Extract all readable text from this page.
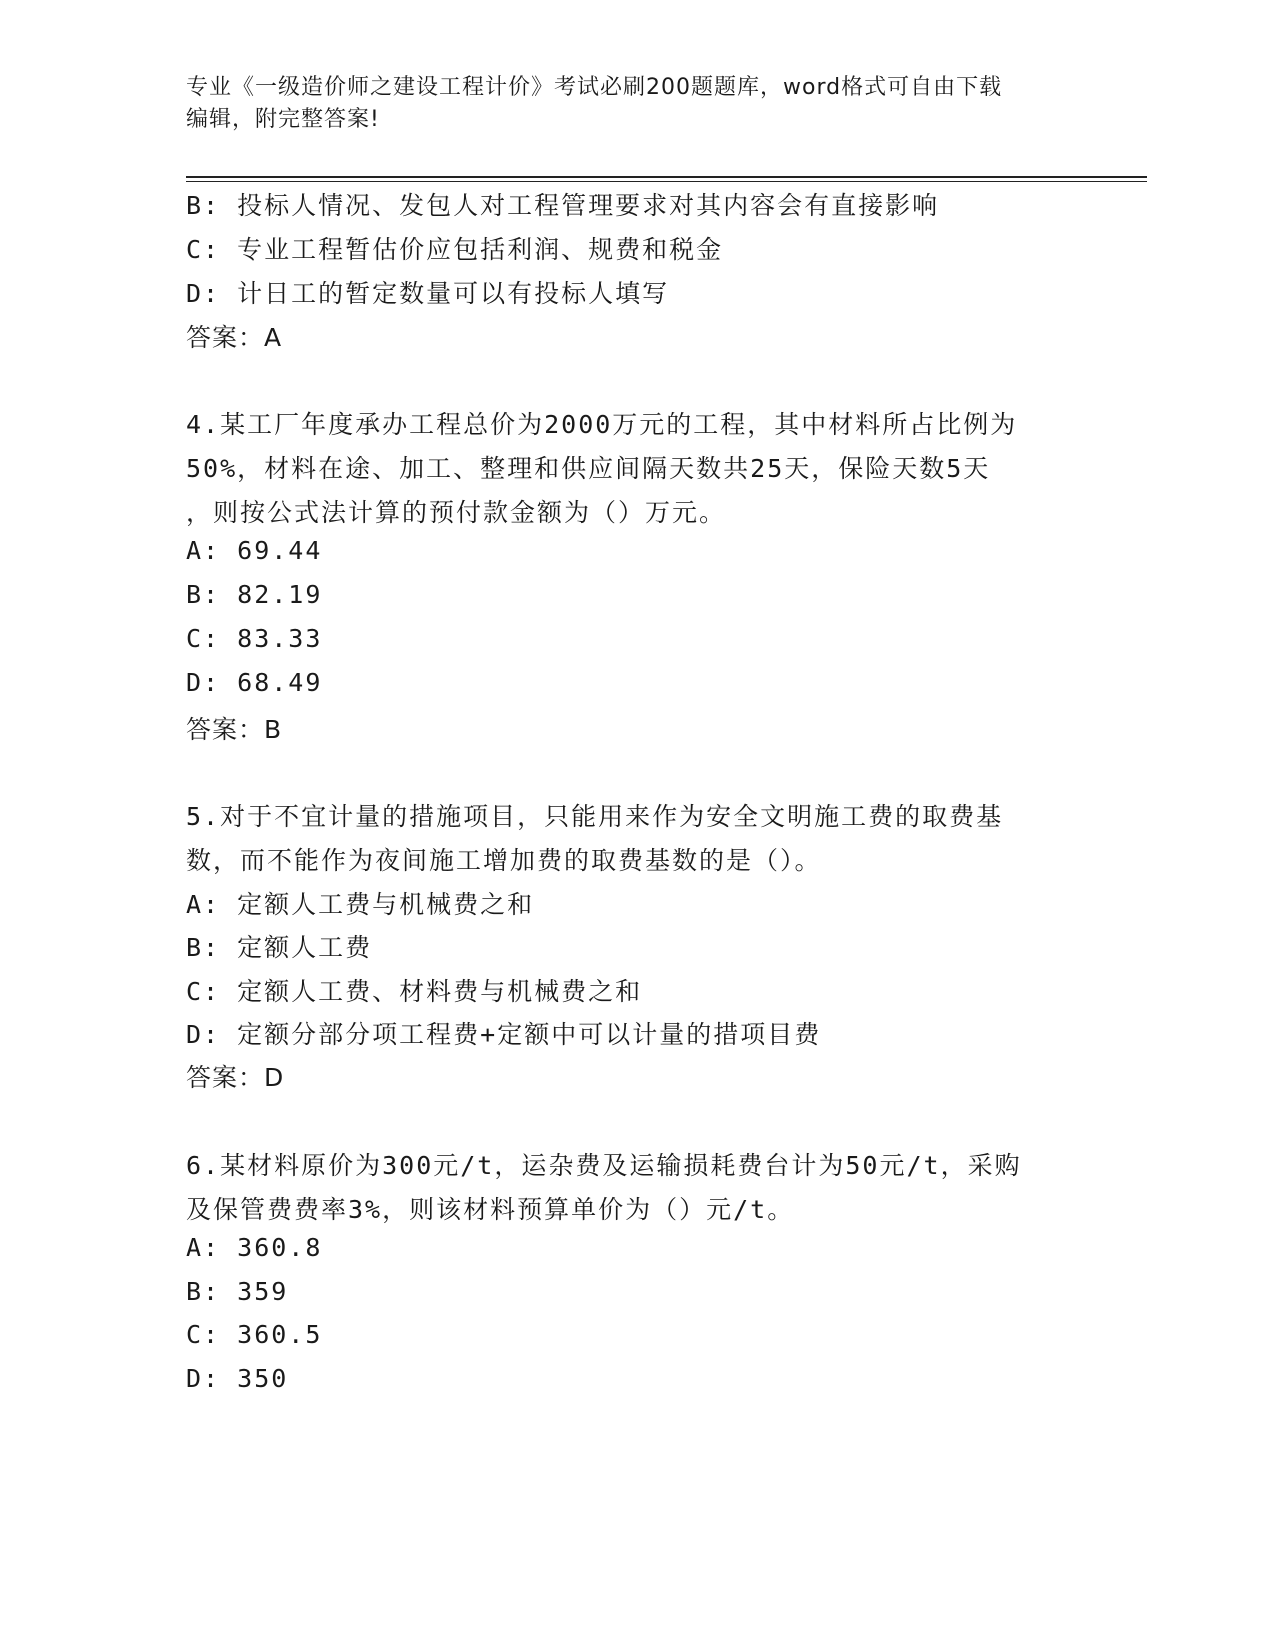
专业《一级造价师之建设工程计价》考试必刷200题题库，word格式可自由下载
编辑，附完整答案!
B: 投标人情况、发包人对工程管理要求对其内容会有直接影响
C: 专业工程暂估价应包括利润、规费和税金
D: 计日工的暂定数量可以有投标人填写
答案：A
4.某工厂年度承办工程总价为2000万元的工程，其中材料所占比例为
50%，材料在途、加工、整理和供应间隔天数共25天，保险天数5天
，则按公式法计算的预付款金额为（）万元。
A: 69.44
B: 82.19
C: 83.33
D: 68.49
答案：B
5.对于不宜计量的措施项目，只能用来作为安全文明施工费的取费基
数，而不能作为夜间施工增加费的取费基数的是（）。
A: 定额人工费与机械费之和
B: 定额人工费
C: 定额人工费、材料费与机械费之和
D: 定额分部分项工程费+定额中可以计量的措项目费
答案：D
6.某材料原价为300元/t，运杂费及运输损耗费台计为50元/t，采购
及保管费费率3%，则该材料预算单价为（）元/t。
A: 360.8
B: 359
C: 360.5
D: 350
